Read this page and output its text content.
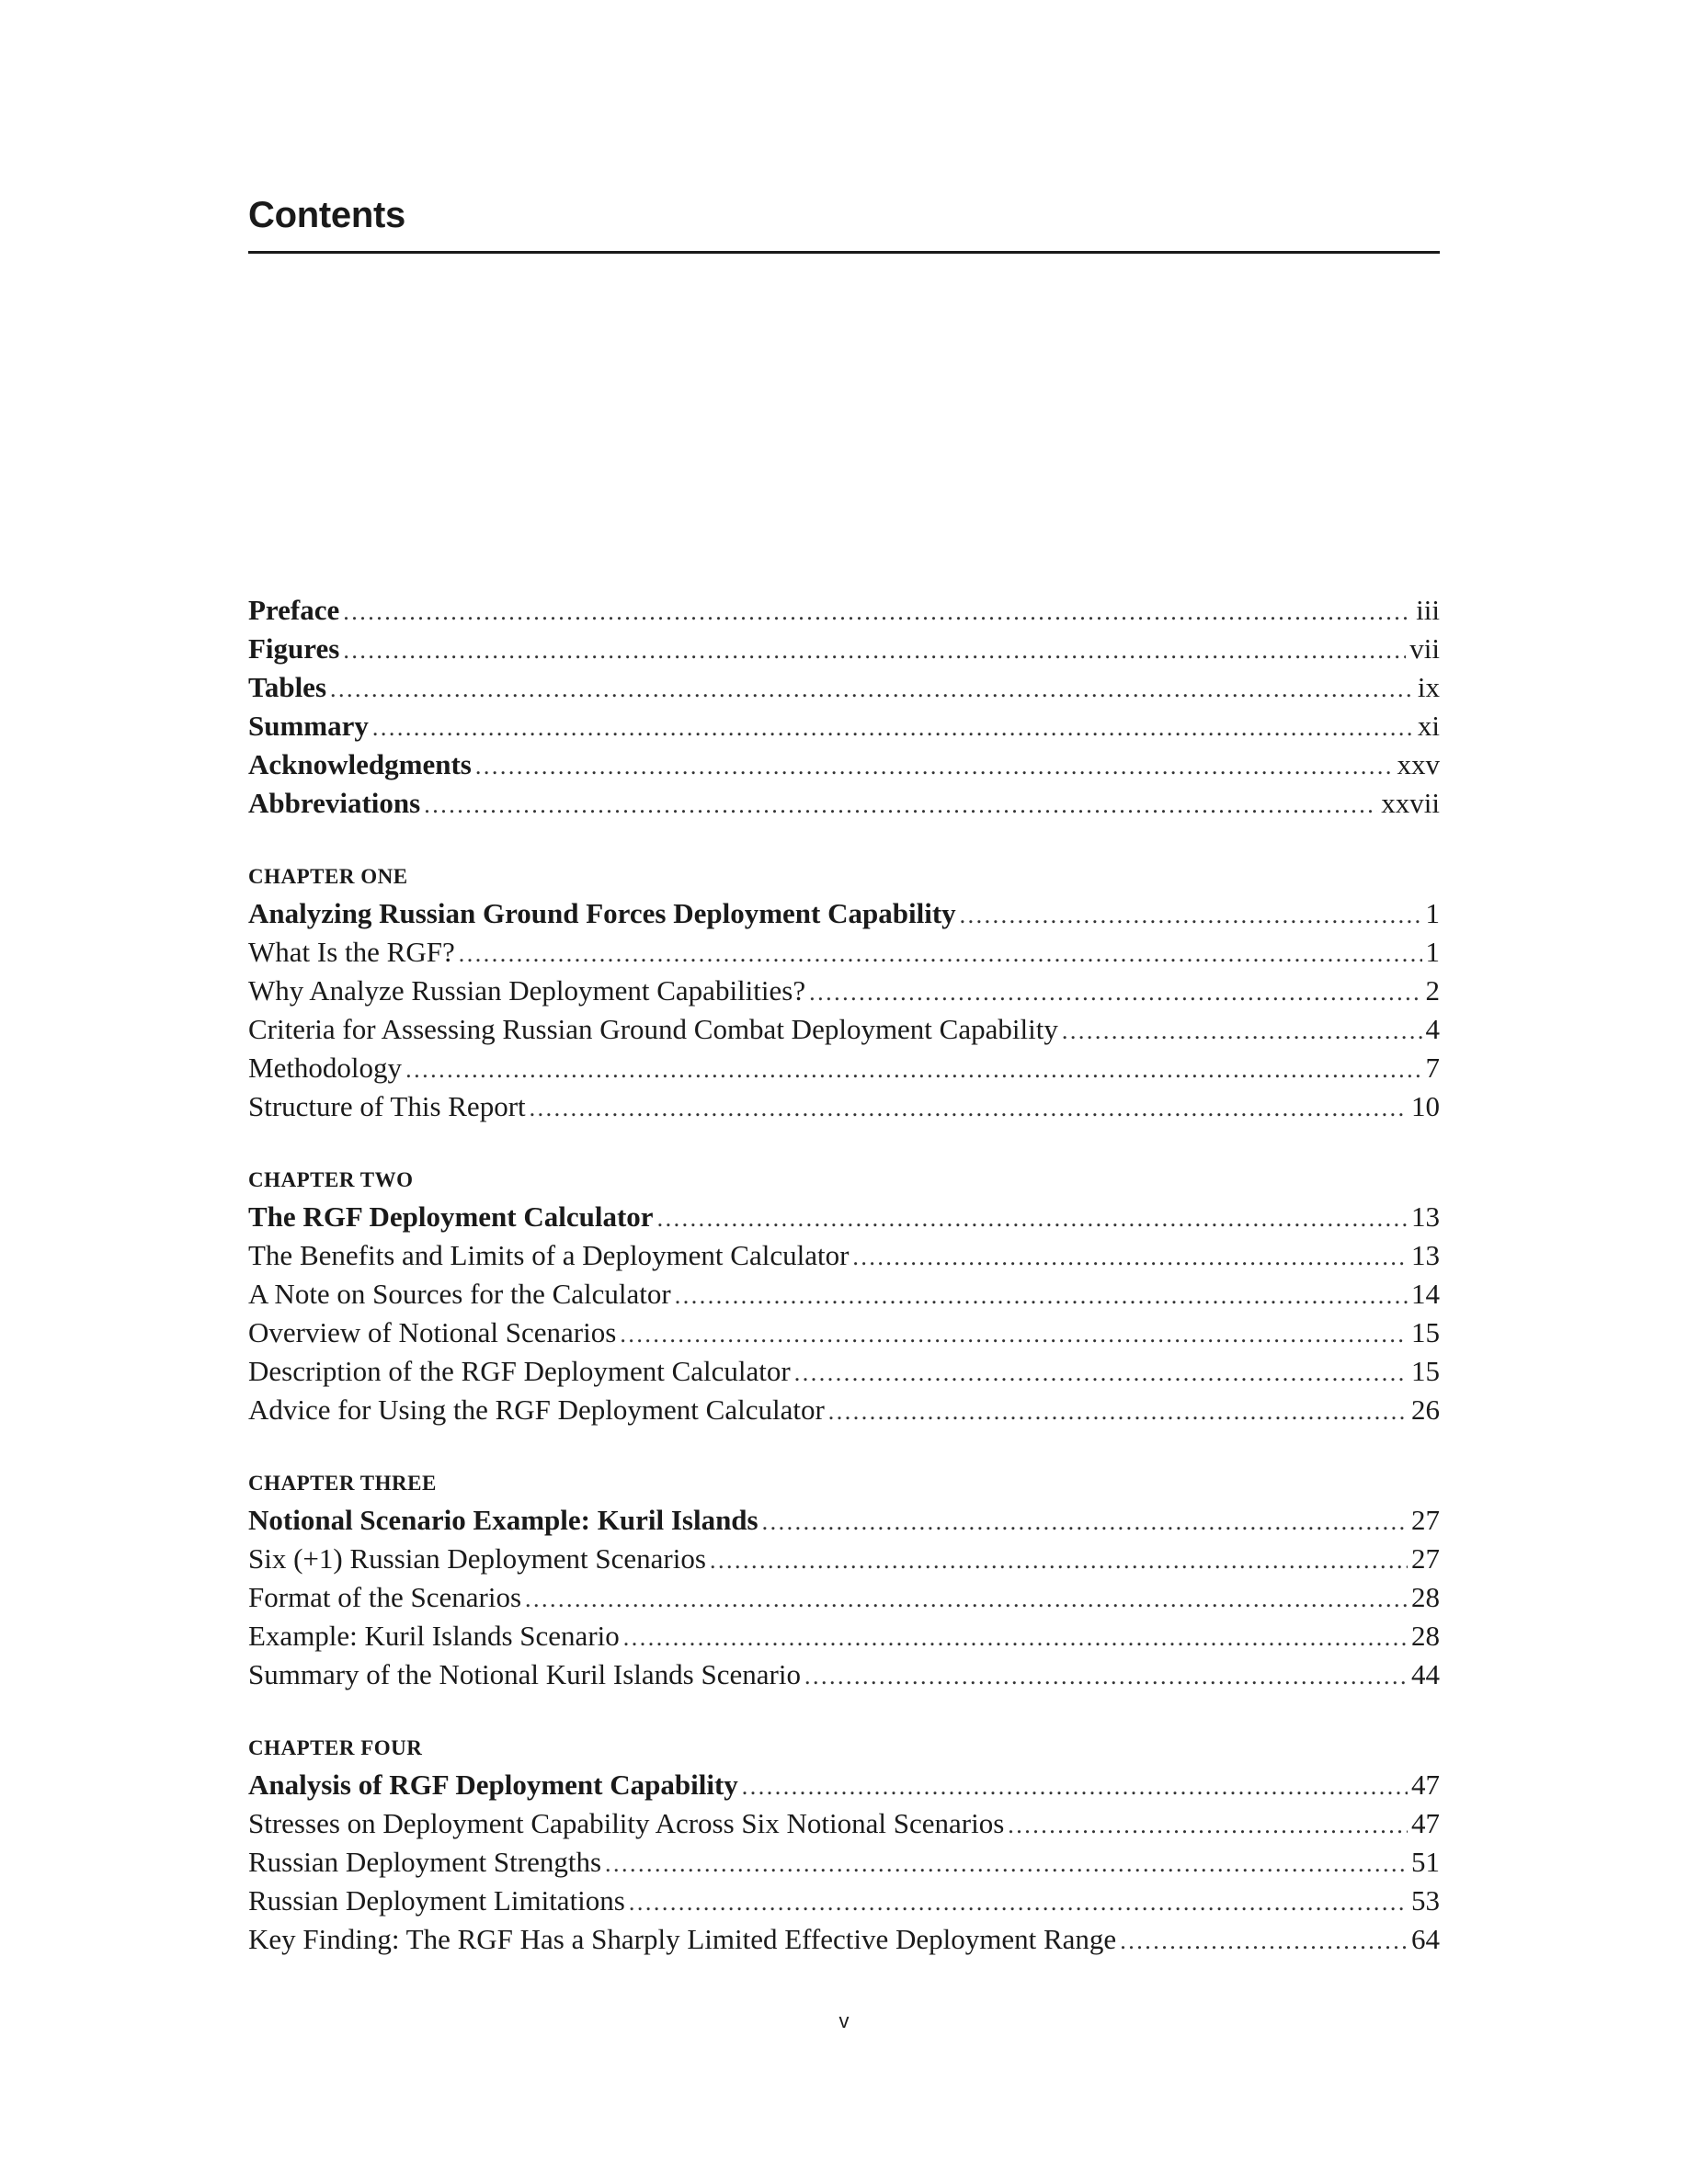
Contents
Preface . . .	iii
Figures . . .	vii
Tables . . .	ix
Summary . . .	xi
Acknowledgments . . .	xxv
Abbreviations . . .	xxvii
CHAPTER ONE
Analyzing Russian Ground Forces Deployment Capability . . .	1
What Is the RGF? . . .	1
Why Analyze Russian Deployment Capabilities? . . .	2
Criteria for Assessing Russian Ground Combat Deployment Capability . . .	4
Methodology . . .	7
Structure of This Report . . .	10
CHAPTER TWO
The RGF Deployment Calculator . . .	13
The Benefits and Limits of a Deployment Calculator . . .	13
A Note on Sources for the Calculator . . .	14
Overview of Notional Scenarios . . .	15
Description of the RGF Deployment Calculator . . .	15
Advice for Using the RGF Deployment Calculator . . .	26
CHAPTER THREE
Notional Scenario Example: Kuril Islands . . .	27
Six (+1) Russian Deployment Scenarios . . .	27
Format of the Scenarios . . .	28
Example: Kuril Islands Scenario . . .	28
Summary of the Notional Kuril Islands Scenario . . .	44
CHAPTER FOUR
Analysis of RGF Deployment Capability . . .	47
Stresses on Deployment Capability Across Six Notional Scenarios . . .	47
Russian Deployment Strengths . . .	51
Russian Deployment Limitations . . .	53
Key Finding: The RGF Has a Sharply Limited Effective Deployment Range . . .	64
v
